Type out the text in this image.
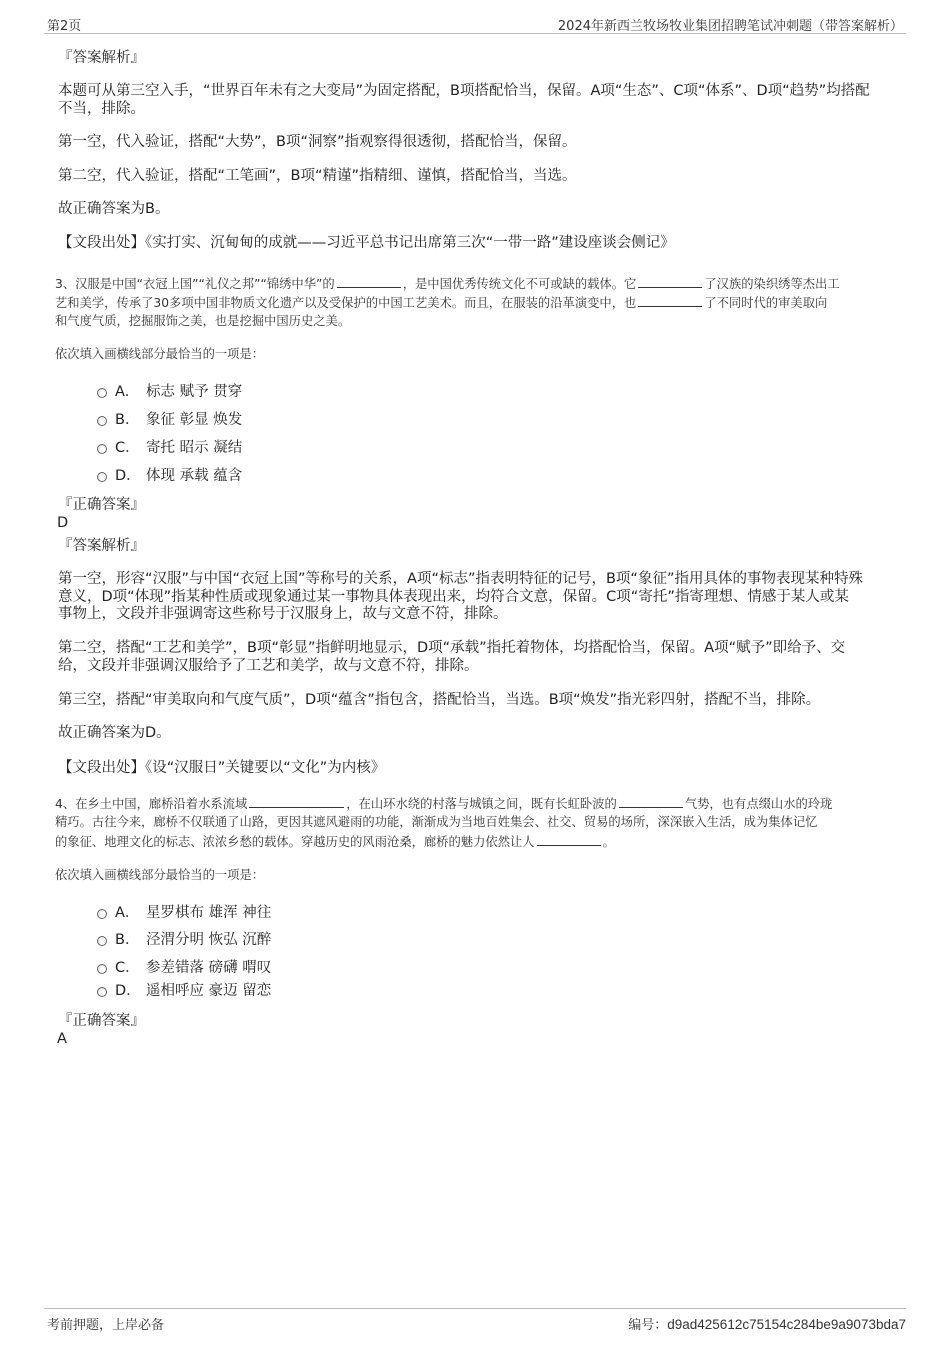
第2页	2024年新西兰牧场牧业集团招聘笔试冲刺题（带答案解析）
『答案解析』
本题可从第三空入手，“世界百年未有之大变局”为固定搭配，B项搭配恰当，保留。A项“生态”、C项“体系”、D项“趋势”均搭配
不当，排除。
第一空，代入验证，搭配“大势”，B项“洞察”指观察得很透彻，搭配恰当，保留。
第二空，代入验证，搭配“工笔画”，B项“精谨”指精细、谨慎，搭配恰当，当选。
故正确答案为B。
【文段出处】《实打实、沉甸甸的成就——习近平总书记出席第三次“一带一路”建设座谈会侧记》
3、汉服是中国“衣冠上国”“礼仪之邦”“锦绣中华”的	，是中国优秀传统文化不可或缺的载体。它	了汉族的染织绣等杰出工
艺和美学，传承了30多项中国非物质文化遗产以及受保护的中国工艺美术。而且，在服装的沿革演变中，也	了不同时代的审美取向
和气度气质，挖掘服饰之美，也是挖掘中国历史之美。
依次填入画横线部分最恰当的一项是：
A． 标志 赋予 贯穿
B． 象征 彰显 焕发
C． 寄托 昭示 凝结
D． 体现 承载 蕴含
『正确答案』
D
『答案解析』
第一空，形容“汉服”与中国“衣冠上国”等称号的关系，A项“标志”指表明特征的记号，B项“象征”指用具体的事物表现某种特殊
意义，D项“体现”指某种性质或现象通过某一事物具体表现出来，均符合文意，保留。C项“寄托”指寄理想、情感于某人或某
事物上，文段并非强调寄这些称号于汉服身上，故与文意不符，排除。
第二空，搭配“工艺和美学”，B项“彰显”指鲜明地显示，D项“承载”指托着物体，均搭配恰当，保留。A项“赋予”即给予、交
给，文段并非强调汉服给予了工艺和美学，故与文意不符，排除。
第三空，搭配“审美取向和气度气质”，D项“蕴含”指包含，搭配恰当，当选。B项“焕发”指光彩四射，搭配不当，排除。
故正确答案为D。
【文段出处】《设“汉服日”关键要以“文化”为内核》
4、在乡土中国，廊桥沿着水系流域	，在山环水绕的村落与城镇之间，既有长虹卧波的	气势，也有点缀山水的玲珑
精巧。古往今来，廊桥不仅联通了山路，更因其遮风避雨的功能，渐渐成为当地百姓集会、社交、贸易的场所，深深嵌入生活，成为集体记忆
的象征、地理文化的标志、浓浓乡愁的载体。穿越历史的风雨沧桑，廊桥的魅力依然让人	。
依次填入画横线部分最恰当的一项是：
A． 星罗棋布 雄浑 神往
B． 泾渭分明 恢弘 沉醉
C． 参差错落 磅礴 喟叹
D． 遥相呼应 豪迈 留恋
『正确答案』
A
考前押题，上岸必备	编号：d9ad425612c75154c284be9a9073bda7
